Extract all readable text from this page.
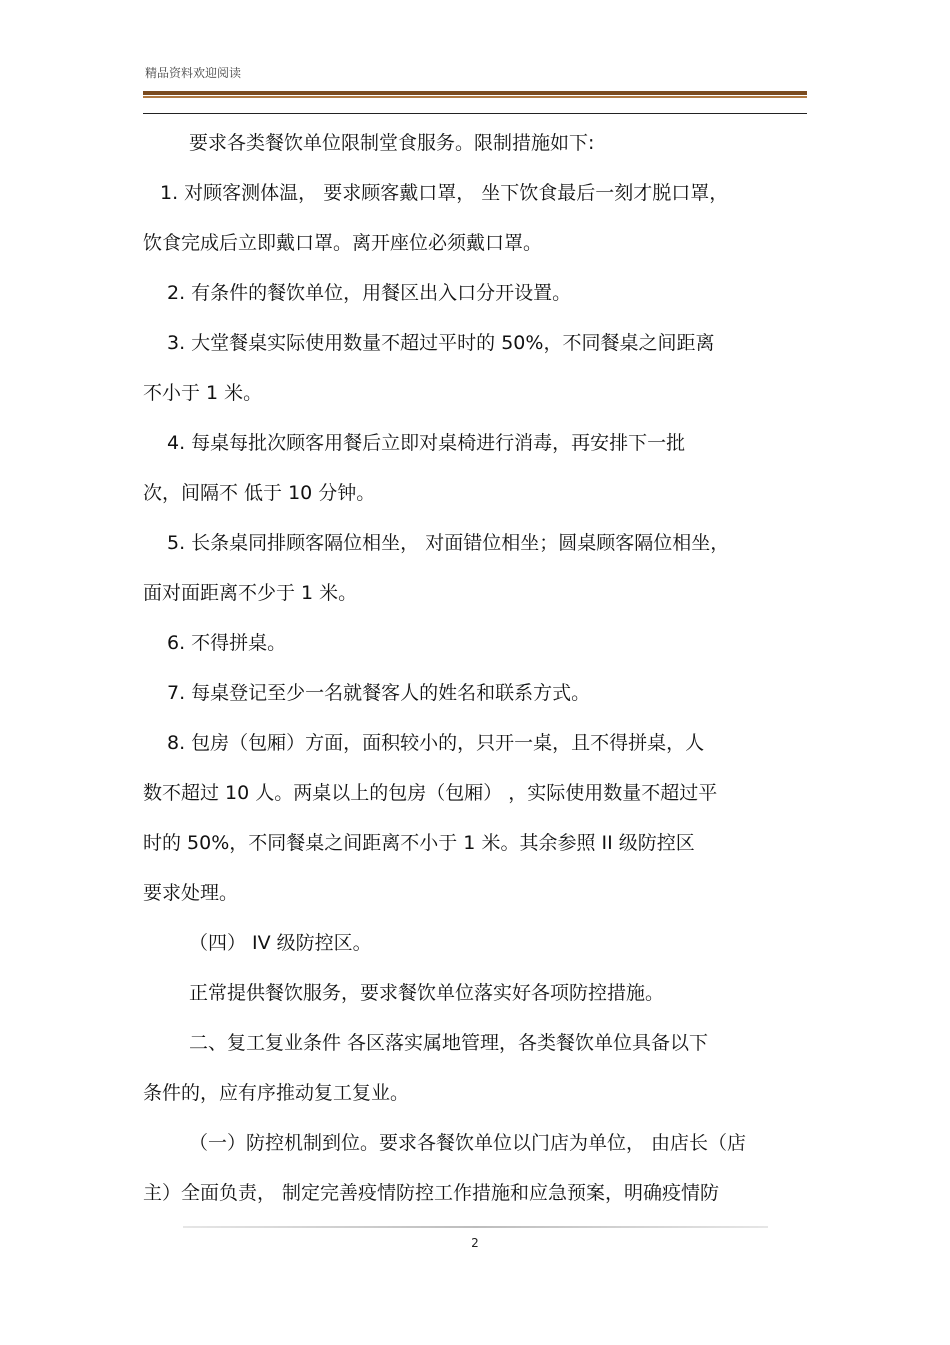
精品资料欢迎阅读
要求各类餐饮单位限制堂食服务。限制措施如下:
1. 对顾客测体温， 要求顾客戴口罩， 坐下饮食最后一刻才脱口罩，
饮食完成后立即戴口罩。离开座位必须戴口罩。
2. 有条件的餐饮单位，用餐区出入口分开设置。
3. 大堂餐桌实际使用数量不超过平时的 50%，不同餐桌之间距离
不小于 1 米。
4. 每桌每批次顾客用餐后立即对桌椅进行消毒，再安排下一批
次，间隔不 低于 10 分钟。
5. 长条桌同排顾客隔位相坐， 对面错位相坐；圆桌顾客隔位相坐，
面对面距离不少于 1 米。
6. 不得拼桌。
7. 每桌登记至少一名就餐客人的姓名和联系方式。
8. 包房（包厢）方面，面积较小的，只开一桌，且不得拼桌，人
数不超过 10 人。两桌以上的包房（包厢） ，实际使用数量不超过平
时的 50%，不同餐桌之间距离不小于 1 米。其余参照 II 级防控区
要求处理。
（四） IV 级防控区。
正常提供餐饮服务，要求餐饮单位落实好各项防控措施。
二、复工复业条件 各区落实属地管理，各类餐饮单位具备以下
条件的，应有序推动复工复业。
（一）防控机制到位。要求各餐饮单位以门店为单位， 由店长（店
主）全面负责， 制定完善疫情防控工作措施和应急预案，明确疫情防
2
